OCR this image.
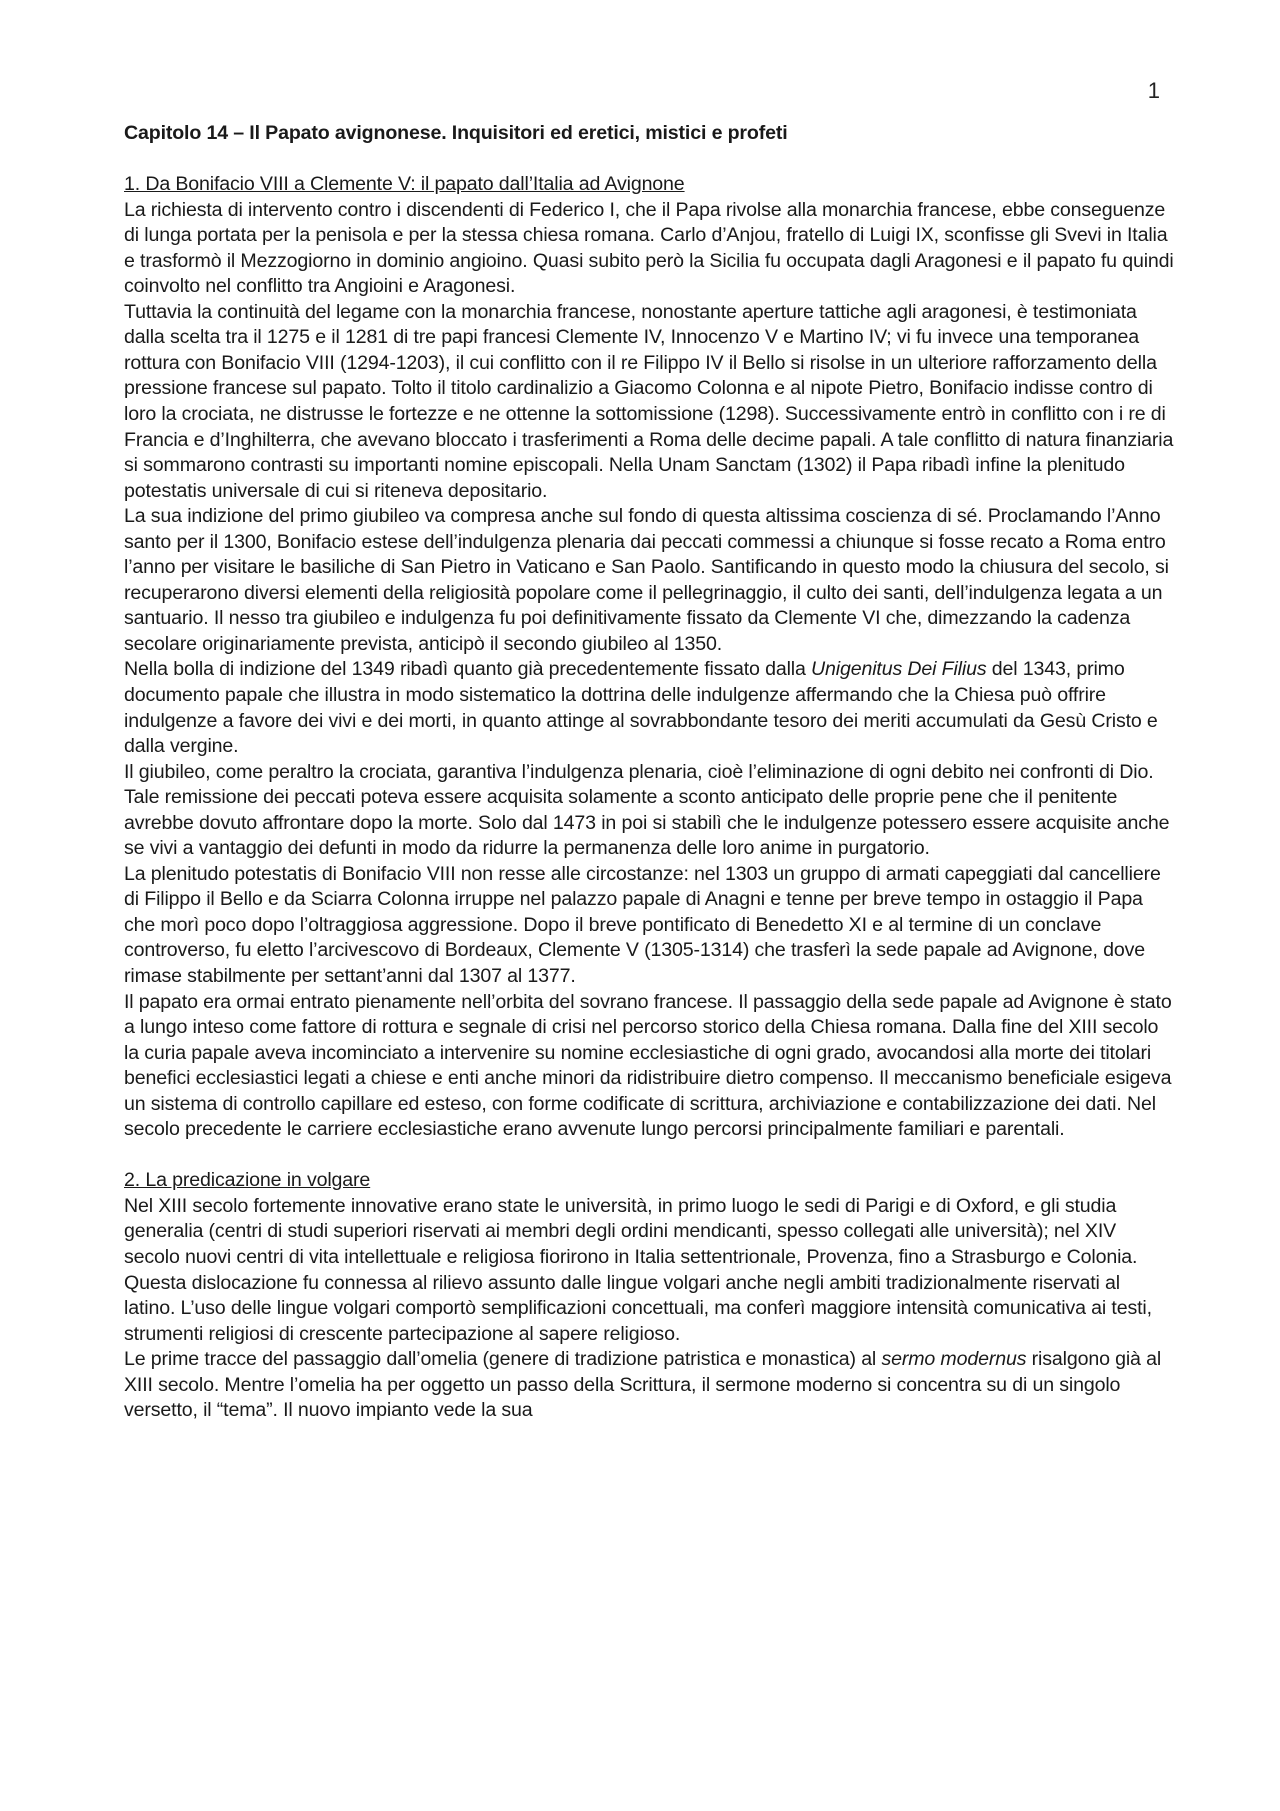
1
Capitolo 14 – Il Papato avignonese. Inquisitori ed eretici, mistici e profeti
1. Da Bonifacio VIII a Clemente V: il papato dall’Italia ad Avignone

La richiesta di intervento contro i discendenti di Federico I, che il Papa rivolse alla monarchia francese, ebbe conseguenze di lunga portata per la penisola e per la stessa chiesa romana. Carlo d’Anjou, fratello di Luigi IX, sconfisse gli Svevi in Italia e trasformò il Mezzogiorno in dominio angioino. Quasi subito però la Sicilia fu occupata dagli Aragonesi e il papato fu quindi coinvolto nel conflitto tra Angioini e Aragonesi.

Tuttavia la continuità del legame con la monarchia francese, nonostante aperture tattiche agli aragonesi, è testimoniata dalla scelta tra il 1275 e il 1281 di tre papi francesi Clemente IV, Innocenzo V e Martino IV; vi fu invece una temporanea rottura con Bonifacio VIII (1294-1203), il cui conflitto con il re Filippo IV il Bello si risolse in un ulteriore rafforzamento della pressione francese sul papato. Tolto il titolo cardinalizio a Giacomo Colonna e al nipote Pietro, Bonifacio indisse contro di loro la crociata, ne distrusse le fortezze e ne ottenne la sottomissione (1298). Successivamente entrò in conflitto con i re di Francia e d’Inghilterra, che avevano bloccato i trasferimenti a Roma delle decime papali. A tale conflitto di natura finanziaria si sommarono contrasti su importanti nomine episcopali. Nella Unam Sanctam (1302) il Papa ribadì infine la plenitudo potestatis universale di cui si riteneva depositario.

La sua indizione del primo giubileo va compresa anche sul fondo di questa altissima coscienza di sé. Proclamando l’Anno santo per il 1300, Bonifacio estese dell’indulgenza plenaria dai peccati commessi a chiunque si fosse recato a Roma entro l’anno per visitare le basiliche di San Pietro in Vaticano e San Paolo. Santificando in questo modo la chiusura del secolo, si recuperarono diversi elementi della religiosità popolare come il pellegrinaggio, il culto dei santi, dell’indulgenza legata a un santuario. Il nesso tra giubileo e indulgenza fu poi definitivamente fissato da Clemente VI che, dimezzando la cadenza secolare originariamente prevista, anticipò il secondo giubileo al 1350.

Nella bolla di indizione del 1349 ribadì quanto già precedentemente fissato dalla Unigenitus Dei Filius del 1343, primo documento papale che illustra in modo sistematico la dottrina delle indulgenze affermando che la Chiesa può offrire indulgenze a favore dei vivi e dei morti, in quanto attinge al sovrabbondante tesoro dei meriti accumulati da Gesù Cristo e dalla vergine.

Il giubileo, come peraltro la crociata, garantiva l’indulgenza plenaria, cioè l’eliminazione di ogni debito nei confronti di Dio. Tale remissione dei peccati poteva essere acquisita solamente a sconto anticipato delle proprie pene che il penitente avrebbe dovuto affrontare dopo la morte. Solo dal 1473 in poi si stabilì che le indulgenze potessero essere acquisite anche se vivi a vantaggio dei defunti in modo da ridurre la permanenza delle loro anime in purgatorio.

La plenitudo potestatis di Bonifacio VIII non resse alle circostanze: nel 1303 un gruppo di armati capeggiati dal cancelliere di Filippo il Bello e da Sciarra Colonna irruppe nel palazzo papale di Anagni e tenne per breve tempo in ostaggio il Papa che morì poco dopo l’oltraggiosa aggressione. Dopo il breve pontificato di Benedetto XI e al termine di un conclave controverso, fu eletto l’arcivescovo di Bordeaux, Clemente V (1305-1314) che trasferì la sede papale ad Avignone, dove rimase stabilmente per settant’anni dal 1307 al 1377.

Il papato era ormai entrato pienamente nell’orbita del sovrano francese. Il passaggio della sede papale ad Avignone è stato a lungo inteso come fattore di rottura e segnale di crisi nel percorso storico della Chiesa romana. Dalla fine del XIII secolo la curia papale aveva incominciato a intervenire su nomine ecclesiastiche di ogni grado, avocandosi alla morte dei titolari benefici ecclesiastici legati a chiese e enti anche minori da ridistribuire dietro compenso. Il meccanismo beneficiale esigeva un sistema di controllo capillare ed esteso, con forme codificate di scrittura, archiviazione e contabilizzazione dei dati. Nel secolo precedente le carriere ecclesiastiche erano avvenute lungo percorsi principalmente familiari e parentali.

2. La predicazione in volgare

Nel XIII secolo fortemente innovative erano state le università, in primo luogo le sedi di Parigi e di Oxford, e gli studia generalia (centri di studi superiori riservati ai membri degli ordini mendicanti, spesso collegati alle università); nel XIV secolo nuovi centri di vita intellettuale e religiosa fiorirono in Italia settentrionale, Provenza, fino a Strasburgo e Colonia. Questa dislocazione fu connessa al rilievo assunto dalle lingue volgari anche negli ambiti tradizionalmente riservati al latino. L’uso delle lingue volgari comportò semplificazioni concettuali, ma conferì maggiore intensità comunicativa ai testi, strumenti religiosi di crescente partecipazione al sapere religioso.

Le prime tracce del passaggio dall’omelia (genere di tradizione patristica e monastica) al sermo modernus risalgono già al XIII secolo. Mentre l’omelia ha per oggetto un passo della Scrittura, il sermone moderno si concentra su di un singolo versetto, il “tema”. Il nuovo impianto vede la sua
